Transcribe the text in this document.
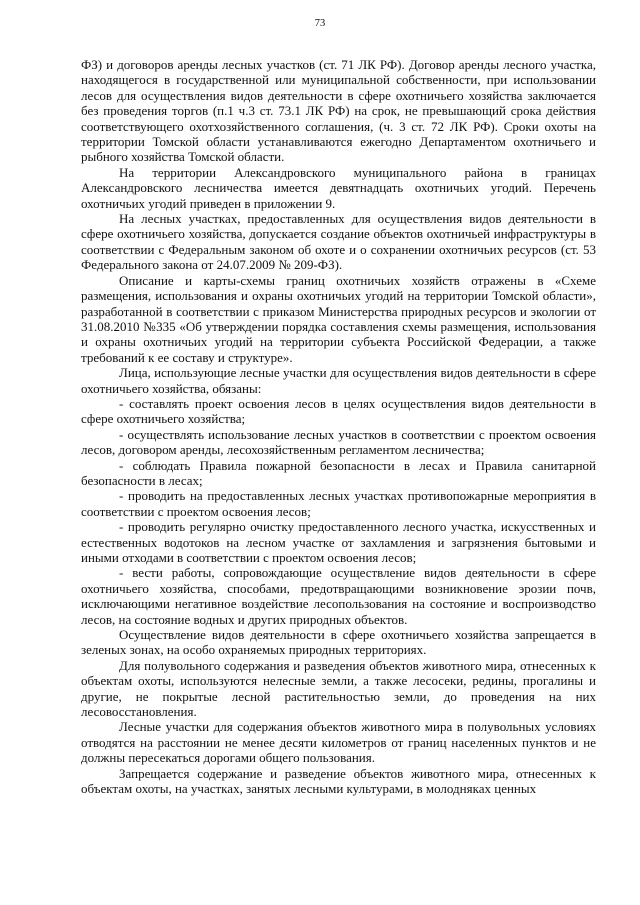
73

ФЗ) и договоров аренды лесных участков (ст. 71 ЛК РФ). Договор аренды лесного участка, находящегося в государственной или муниципальной собственности, при использовании лесов для осуществления видов деятельности в сфере охотничьего хозяйства заключается без проведения торгов (п.1 ч.3 ст. 73.1 ЛК РФ) на срок, не превышающий срока действия соответствующего охотхозяйственного соглашения, (ч. 3 ст. 72 ЛК РФ). Сроки охоты на территории Томской области устанавливаются ежегодно Департаментом охотничьего и рыбного хозяйства Томской области.

На территории Александровского муниципального района в границах Александровского лесничества имеется девятнадцать охотничьих угодий. Перечень охотничьих угодий приведен в приложении 9.

На лесных участках, предоставленных для осуществления видов деятельности в сфере охотничьего хозяйства, допускается создание объектов охотничьей инфраструктуры в соответствии с Федеральным законом об охоте и о сохранении охотничьих ресурсов (ст. 53 Федерального закона от 24.07.2009 № 209-ФЗ).

Описание и карты-схемы границ охотничьих хозяйств отражены в «Схеме размещения, использования и охраны охотничьих угодий на территории Томской области», разработанной в соответствии с приказом Министерства природных ресурсов и экологии от 31.08.2010 №335 «Об утверждении порядка составления схемы размещения, использования и охраны охотничьих угодий на территории субъекта Российской Федерации, а также требований к ее составу и структуре».

Лица, использующие лесные участки для осуществления видов деятельности в сфере охотничьего хозяйства, обязаны:

- составлять проект освоения лесов в целях осуществления видов деятельности в сфере охотничьего хозяйства;

- осуществлять использование лесных участков в соответствии с проектом освоения лесов, договором аренды, лесохозяйственным регламентом лесничества;

- соблюдать Правила пожарной безопасности в лесах и Правила санитарной безопасности в лесах;

- проводить на предоставленных лесных участках противопожарные мероприятия в соответствии с проектом освоения лесов;

- проводить регулярно очистку предоставленного лесного участка, искусственных и естественных водотоков на лесном участке от захламления и загрязнения бытовыми и иными отходами в соответствии с проектом освоения лесов;

- вести работы, сопровождающие осуществление видов деятельности в сфере охотничьего хозяйства, способами, предотвращающими возникновение эрозии почв, исключающими негативное воздействие лесопользования на состояние и воспроизводство лесов, на состояние водных и других природных объектов.

Осуществление видов деятельности в сфере охотничьего хозяйства запрещается в зеленых зонах, на особо охраняемых природных территориях.

Для полувольного содержания и разведения объектов животного мира, отнесенных к объектам охоты, используются нелесные земли, а также лесосеки, редины, прогалины и другие, не покрытые лесной растительностью земли, до проведения на них лесовосстановления.

Лесные участки для содержания объектов животного мира в полувольных условиях отводятся на расстоянии не менее десяти километров от границ населенных пунктов и не должны пересекаться дорогами общего пользования.

Запрещается содержание и разведение объектов животного мира, отнесенных к объектам охоты, на участках, занятых лесными культурами, в молодняках ценных
